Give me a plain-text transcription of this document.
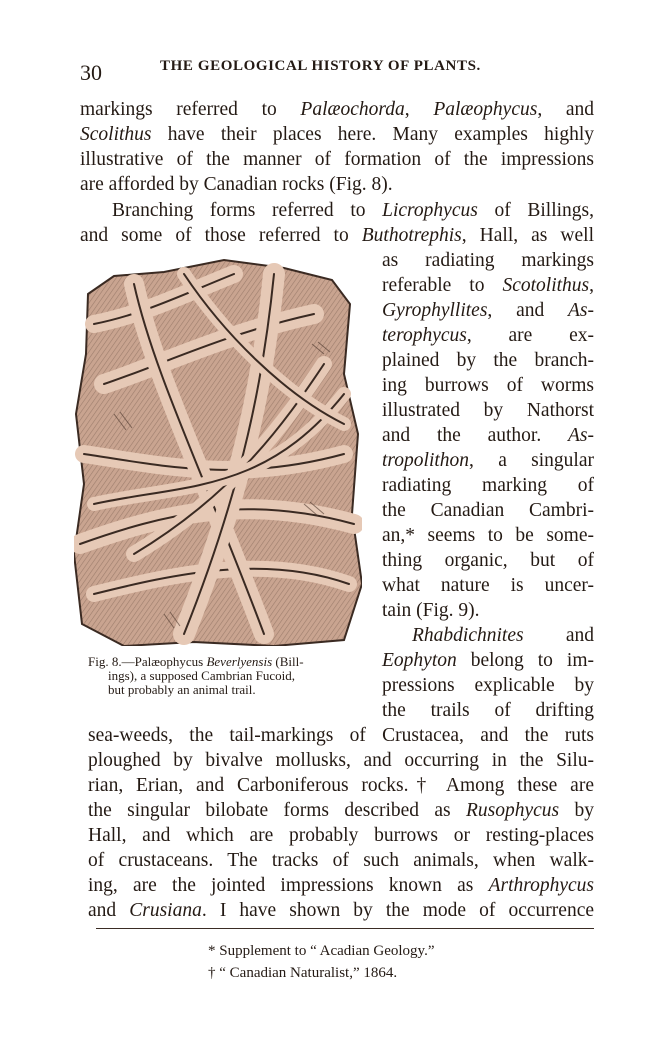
30	THE GEOLOGICAL HISTORY OF PLANTS.
markings referred to Palæochorda, Palæophycus, and
Scolithus have their places here. Many examples highly
illustrative of the manner of formation of the impressions
are afforded by Canadian rocks (Fig. 8).
Branching forms referred to Licrophycus of Billings,
and some of those referred to Buthotrephis, Hall, as well
Fig. 8.—Palæophycus Beverlyensis (Bill-
ings), a supposed Cambrian Fucoid,
but probably an animal trail.
as radiating markings
referable to Scotolithus,
Gyrophyllites, and As-
terophycus, are ex-
plained by the branch-
ing burrows of worms
illustrated by Nathorst
and the author. As-
tropolithon, a singular
radiating marking of
the Canadian Cambri-
an,* seems to be some-
thing organic, but of
what nature is uncer-
tain (Fig. 9).
Rhabdichnites and
Eophyton belong to im-
pressions explicable by
the trails of drifting
sea-weeds, the tail-markings of Crustacea, and the ruts
ploughed by bivalve mollusks, and occurring in the Silu-
rian, Erian, and Carboniferous rocks.† Among these are
the singular bilobate forms described as Rusophycus by
Hall, and which are probably burrows or resting-places
of crustaceans. The tracks of such animals, when walk-
ing, are the jointed impressions known as Arthrophycus
and Crusiana. I have shown by the mode of occurrence
* Supplement to “ Acadian Geology.”
† “ Canadian Naturalist,” 1864.
